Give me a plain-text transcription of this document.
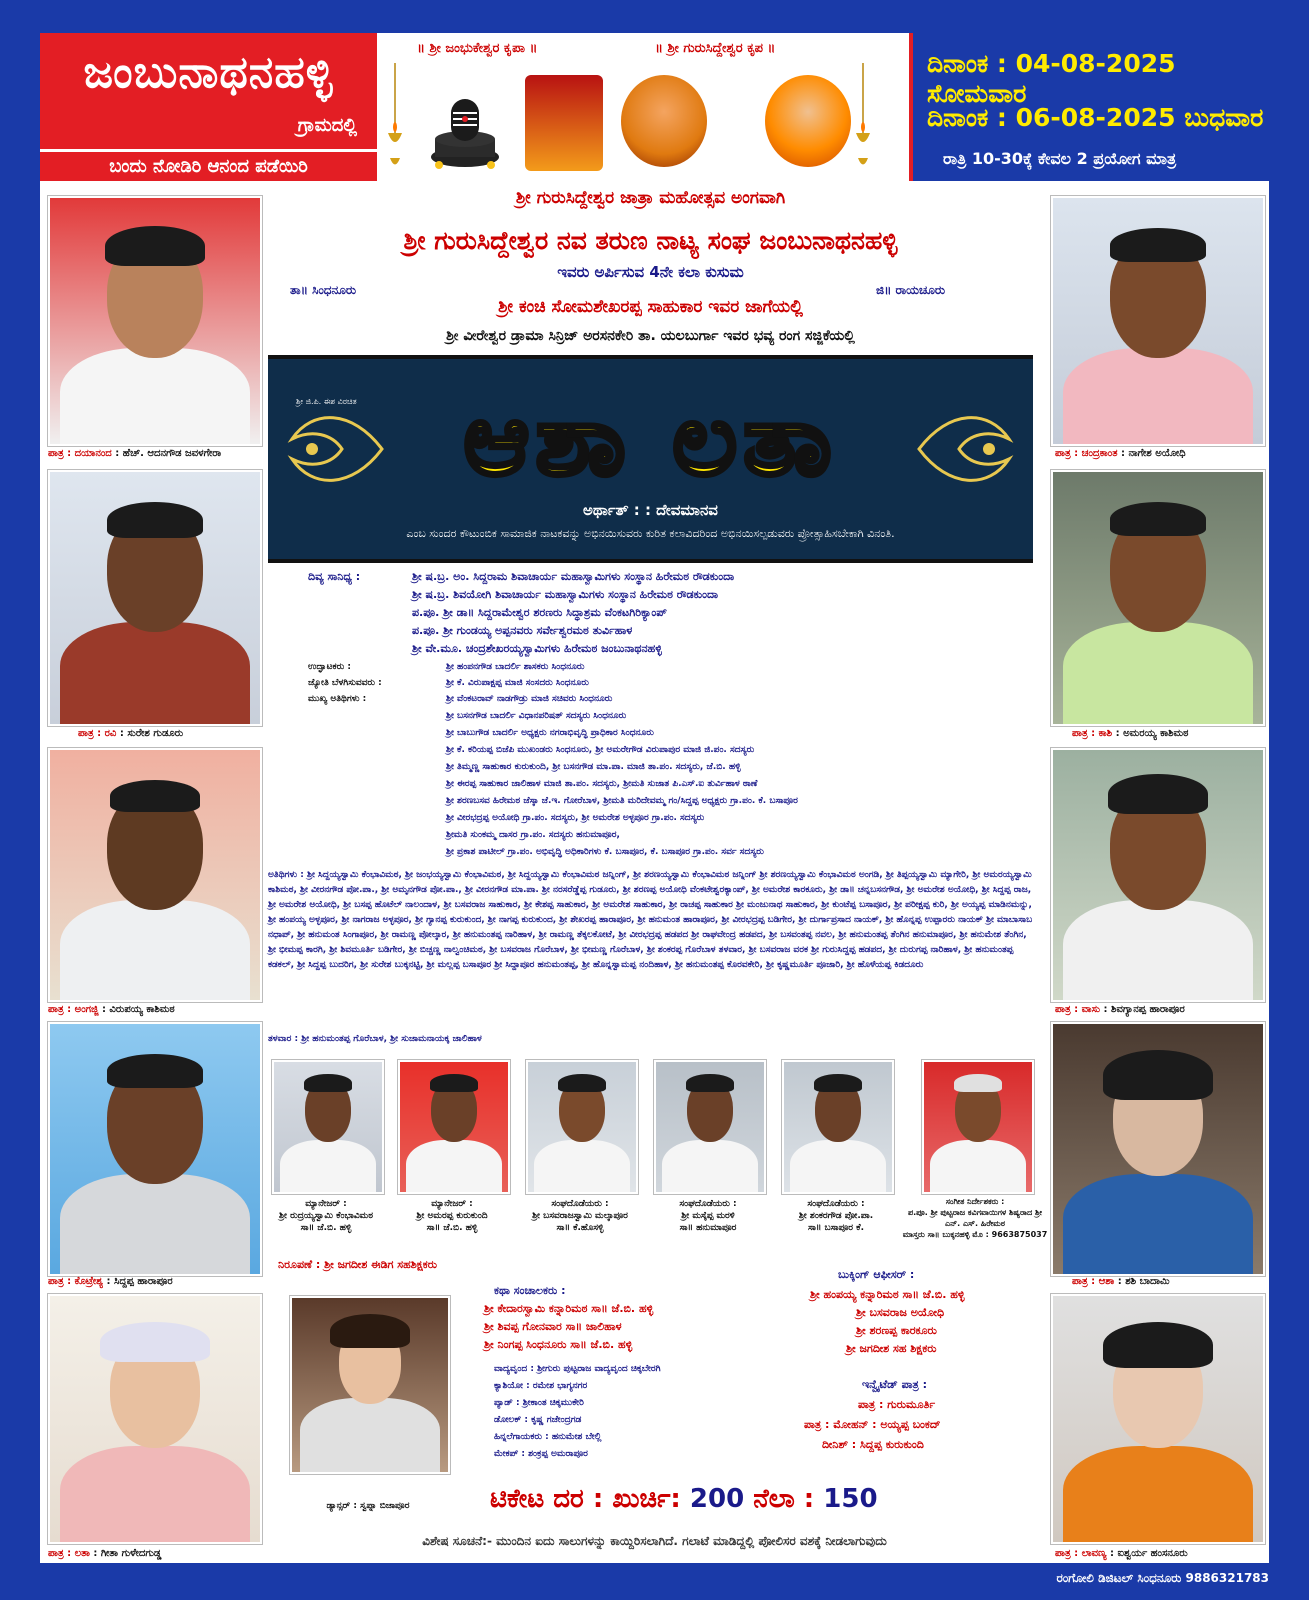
ಜಂಬುನಾಥನಹಳ್ಳಿ
ಗ್ರಾಮದಲ್ಲಿ
ಬಂದು ನೋಡಿರಿ ಆನಂದ ಪಡೆಯಿರಿ
॥ ಶ್ರೀ ಜಂಭುಕೇಶ್ವರ ಕೃಪಾ ॥	॥ ಶ್ರೀ ಗುರುಸಿದ್ದೇಶ್ವರ ಕೃಪ ॥
ದಿನಾಂಕ : 04-08-2025 ಸೋಮವಾರ
ದಿನಾಂಕ : 06-08-2025 ಬುಧವಾರ
ರಾತ್ರಿ 10-30ಕ್ಕೆ ಕೇವಲ 2 ಪ್ರಯೋಗ ಮಾತ್ರ
ಪಾತ್ರ : ದಯಾನಂದ : ಹೆಚ್. ಆದನಗೌಡ ಜವಳಗೇರಾ
ಪಾತ್ರ : ರವಿ : ಸುರೇಶ ಗುಡೂರು
ಪಾತ್ರ : ಅಂಗಜ್ಜಿ : ವಿರುಪಯ್ಯ ಕಾಶಿಮಠ
ಪಾತ್ರ : ಕೊಟ್ರೇಶ್ಯ : ಸಿದ್ದಪ್ಪ ಹಾರಾಪೂರ
ಪಾತ್ರ : ಲತಾ : ಗೀತಾ ಗುಳೇದಗುಡ್ಡ
ಪಾತ್ರ : ಚಂದ್ರಕಾಂತ : ನಾಗೇಶ ಅಯೋಧಿ
ಪಾತ್ರ : ಕಾಶಿ : ಅಮರಯ್ಯ ಕಾಶಿಮಠ
ಪಾತ್ರ : ವಾಸು : ಶಿವಗ್ಯಾನಪ್ಪ ಹಾರಾಪೂರ
ಪಾತ್ರ : ಆಶಾ : ಶಶಿ ಬಾದಾಮಿ
ಪಾತ್ರ : ಲಾವಣ್ಯ : ಐಶ್ವರ್ಯ ಹಂಸನೂರು
ಶ್ರೀ ಗುರುಸಿದ್ದೇಶ್ವರ ಜಾತ್ರಾ ಮಹೋತ್ಸವ ಅಂಗವಾಗಿ
ಶ್ರೀ ಗುರುಸಿದ್ದೇಶ್ವರ ನವ ತರುಣ ನಾಟ್ಯ ಸಂಘ ಜಂಬುನಾಥನಹಳ್ಳಿ
ಇವರು ಅರ್ಪಿಸುವ 4ನೇ ಕಲಾ ಕುಸುಮ
ತಾ॥ ಸಿಂಧನೂರು	ಜಿ॥ ರಾಯಚೂರು
ಶ್ರೀ ಕಂಚಿ ಸೋಮಶೇಖರಪ್ಪ ಸಾಹುಕಾರ ಇವರ ಜಾಗೆಯಲ್ಲಿ
ಶ್ರೀ ವೀರೇಶ್ವರ ಡ್ರಾಮಾ ಸಿನ್ರಿಜ್ ಅರಸನಕೇರಿ ತಾ. ಯಲಬುರ್ಗಾ ಇವರ ಭವ್ಯ ರಂಗ ಸಜ್ಜಿಕೆಯಲ್ಲಿ
ಶ್ರೀ ಜಿ.ಪಿ. ಈಶ ವಿರಚಿತ	ಆಶಾ ಲತಾ
ಅರ್ಥಾತ್ : : ದೇವಮಾನವ
ಎಂಬ ಸುಂದರ ಕೌಟುಂಬಿಕ ಸಾಮಾಜಿಕ ನಾಟಕವನ್ನು ಅಭಿನಯಿಸುವರು ಕುರಿತ ಕಲಾವಿದರಿಂದ ಅಭಿನಯಿಸಲ್ಪಡುವರು ಪ್ರೋತ್ಸಾಹಿಸಬೇಕಾಗಿ ವಿನಂತಿ.
ದಿವ್ಯ ಸಾನಿಧ್ಯ :	ಶ್ರೀ ಷ.ಬ್ರ. ಅಂ. ಸಿದ್ದರಾಮ ಶಿವಾಚಾರ್ಯ ಮಹಾಸ್ವಾಮಿಗಳು ಸಂಸ್ಥಾನ ಹಿರೇಮಠ ರೌಡಕುಂದಾ
ಶ್ರೀ ಷ.ಬ್ರ. ಶಿವಯೋಗಿ ಶಿವಾಚಾರ್ಯ ಮಹಾಸ್ವಾಮಿಗಳು ಸಂಸ್ಥಾನ ಹಿರೇಮಠ ರೌಡಕುಂದಾ
ಪ.ಪೂ. ಶ್ರೀ ಡಾ॥ ಸಿದ್ದರಾಮೇಶ್ವರ ಶರಣರು ಸಿದ್ಧಾಶ್ರಮ ವೆಂಕಟಗಿರಿಕ್ಯಾಂಪ್
ಪ.ಪೂ. ಶ್ರೀ ಗುಂಡಯ್ಯ ಅಪ್ಪನವರು ಸರ್ವೇಶ್ವರಮಠ ತುರ್ವಿಹಾಳ
ಶ್ರೀ ವೇ.ಮೂ. ಚಂದ್ರಶೇಖರಯ್ಯಸ್ವಾಮಿಗಳು ಹಿರೇಮಠ ಜಂಬುನಾಥನಹಳ್ಳಿ
ಉದ್ಘಾಟಕರು :	ಶ್ರೀ ಹಂಪನಗೌಡ ಬಾದರ್ಲಿ ಶಾಸಕರು ಸಿಂಧನೂರು
ಜ್ಯೋತಿ ಬೆಳಗಿಸುವವರು :	ಶ್ರೀ ಕೆ. ವಿರುಪಾಕ್ಷಪ್ಪ ಮಾಜಿ ಸಂಸದರು ಸಿಂಧನೂರು
ಮುಖ್ಯ ಅತಿಥಿಗಳು :	ಶ್ರೀ ವೆಂಕಟರಾವ್ ನಾಡಗೌಡ್ರು ಮಾಜಿ ಸಚಿವರು ಸಿಂಧನೂರು
ಶ್ರೀ ಬಸನಗೌಡ ಬಾದರ್ಲಿ ವಿಧಾನಪರಿಷತ್ ಸದಸ್ಯರು ಸಿಂಧನೂರು
ಶ್ರೀ ಬಾಬುಗೌಡ ಬಾದರ್ಲಿ ಅಧ್ಯಕ್ಷರು ನಗರಾಭಿವೃದ್ಧಿ ಪ್ರಾಧಿಕಾರ ಸಿಂಧನೂರು
ಶ್ರೀ ಕೆ. ಕರಿಯಪ್ಪ ಬಿಜೆಪಿ ಮುಖಂಡರು ಸಿಂಧನೂರು, ಶ್ರೀ ಅಮರೇಗೌಡ ವಿರುಪಾಪುರ ಮಾಜಿ ಜಿ.ಪಂ. ಸದಸ್ಯರು
ಶ್ರೀ ತಿಮ್ಮಣ್ಣ ಸಾಹುಕಾರ ಕುರುಕುಂದಿ, ಶ್ರೀ ಬಸನಗೌಡ ಮಾ.ಪಾ. ಮಾಜಿ ತಾ.ಪಂ. ಸದಸ್ಯರು, ಜೆ.ಬಿ. ಹಳ್ಳಿ
ಶ್ರೀ ಈರಪ್ಪ ಸಾಹುಕಾರ ಜಾಲಿಹಾಳ ಮಾಜಿ ತಾ.ಪಂ. ಸದಸ್ಯರು, ಶ್ರೀಮತಿ ಸುಜಾತ ಪಿ.ಎಸ್.ಐ ತುರ್ವಿಹಾಳ ಠಾಣೆ
ಶ್ರೀ ಶರಣಬಸವ ಹಿರೇಮಠ ಜೆಸ್ಕಾ ಜೆ.ಇ. ಗೋರೆಬಾಳ, ಶ್ರೀಮತಿ ಮರಿದೇವಮ್ಮ ಗಂ/ಸಿದ್ದಪ್ಪ ಅಧ್ಯಕ್ಷರು ಗ್ರಾ.ಪಂ. ಕೆ. ಬಸಾಪೂರ
ಶ್ರೀ ವೀರಭದ್ರಪ್ಪ ಅಯೋಧಿ ಗ್ರಾ.ಪಂ. ಸದಸ್ಯರು, ಶ್ರೀ ಅಮರೇಶ ಅಳ್ಳಪೂರ ಗ್ರಾ.ಪಂ. ಸದಸ್ಯರು
ಶ್ರೀಮತಿ ಸುಂಕಮ್ಮ ದಾಸರ ಗ್ರಾ.ಪಂ. ಸದಸ್ಯರು ಹನುಮಾಪೂರ,
ಶ್ರೀ ಪ್ರಕಾಶ ಪಾಟೀಲ್ ಗ್ರಾ.ಪಂ. ಅಭಿವೃದ್ಧಿ ಅಧಿಕಾರಿಗಳು ಕೆ. ಬಸಾಪೂರ, ಕೆ. ಬಸಾಪೂರ ಗ್ರಾ.ಪಂ. ಸರ್ವ ಸದಸ್ಯರು
ಅತಿಥಿಗಳು : ಶ್ರೀ ಸಿದ್ದಯ್ಯಸ್ವಾಮಿ ಕೆಂಭಾವಿಮಠ, ಶ್ರೀ ಜಂಭಯ್ಯಸ್ವಾಮಿ ಕೆಂಭಾವಿಮಠ, ಶ್ರೀ ಸಿದ್ದಯ್ಯಸ್ವಾಮಿ ಕೆಂಭಾವಿಮಠ ಜನ್ನಿಂಗ್, ಶ್ರೀ ಶರಣಯ್ಯಸ್ವಾಮಿ ಕೆಂಭಾವಿಮಠ ಜನ್ನಿಂಗ್ ಶ್ರೀ ಶರಣಯ್ಯಸ್ವಾಮಿ ಕೆಂಭಾವಿಮಠ ಅಂಗಡಿ, ಶ್ರೀ ತಿಪ್ಪಯ್ಯಸ್ವಾಮಿ ಮ್ಯಾಗೇರಿ, ಶ್ರೀ ಅಮರಯ್ಯಸ್ವಾಮಿ ಕಾಶಿಮಠ, ಶ್ರೀ ವೀರನಗೌಡ ಪೋ.ಪಾ., ಶ್ರೀ ಅಮೃನಗೌಡ ಪೋ.ಪಾ., ಶ್ರೀ ವೀರನಗೌಡ ಮಾ.ಪಾ. ಶ್ರೀ ನರಸರೆಡ್ಡೆಪ್ಪ ಗುಡೂರು, ಶ್ರೀ ಶರಣಪ್ಪ ಅಯೋಧಿ ವೆಂಕಟೇಶ್ವರಕ್ಯಾಂಪ್, ಶ್ರೀ ಅಮರೇಶ ಕಾರಕೂರು, ಶ್ರೀ ಡಾ॥ ಚನ್ನಬಸನಗೌಡ, ಶ್ರೀ ಅಮರೇಶ ಅಯೋಧಿ, ಶ್ರೀ ಸಿದ್ದಪ್ಪ ರಾಜ, ಶ್ರೀ ಅಮರೇಶ ಅಯೋಧಿ, ಶ್ರೀ ಬಸಪ್ಪ ಹೊಟೆಲ್ ನಾಲಂದಾಳ, ಶ್ರೀ ಬಸವರಾಜ ಸಾಹುಕಾರ, ಶ್ರೀ ಕೇಶಪ್ಪ ಸಾಹುಕಾರ, ಶ್ರೀ ಅಮರೇಶ ಸಾಹುಕಾರ, ಶ್ರೀ ರಾಚಪ್ಪ ಸಾಹುಕಾರ ಶ್ರೀ ಮಂಜುನಾಥ ಸಾಹುಕಾರ, ಶ್ರೀ ಕುಂಟೆಪ್ಪ ಬಸಾಪೂರ, ಶ್ರೀ ಪರೀಕ್ಷಪ್ಪ ಕುರಿ, ಶ್ರೀ ಅಯ್ಯಪ್ಪ ಮಾಡಿನಮನ್ನು, ಶ್ರೀ ಹಂಪಯ್ಯ ಅಳ್ಳಪೂರ, ಶ್ರೀ ನಾಗರಾಜ ಅಳ್ಳಪೂರ, ಶ್ರೀ ಗ್ಯಾನಪ್ಪ ಕುರುಕುಂದ, ಶ್ರೀ ನಾಗಪ್ಪ ಕುರುಕುಂದ, ಶ್ರೀ ಶೇಖರಪ್ಪ ಹಾರಾಪೂರ, ಶ್ರೀ ಹನುಮಂತ ಹಾರಾಪೂರ, ಶ್ರೀ ವೀರಭದ್ರಪ್ಪ ಬಡಿಗೇರ, ಶ್ರೀ ದುರ್ಗಾಪ್ರಸಾದ ನಾಯಕ್, ಶ್ರೀ ಹೊನ್ನಪ್ಪ ಉಪ್ಪಾರರು ನಾಯಕ್ ಶ್ರೀ ಮಾಬಾಸಾಬ ನಧಾಪ್, ಶ್ರೀ ಹನುಮಂತ ಸಿಂಗಾಪೂರ, ಶ್ರೀ ರಾಮಣ್ಣ ಪೋಲ್ಕಾರ, ಶ್ರೀ ಹನುಮಂತಪ್ಪ ನಾರಿಹಾಳ, ಶ್ರೀ ರಾಮಣ್ಣ ತೆಕ್ಕಲಕೋಟೆ, ಶ್ರೀ ವೀರಭದ್ರಪ್ಪ ಹಡಪದ ಶ್ರೀ ರಾಘವೇಂದ್ರ ಹಡಪದ, ಶ್ರೀ ಬಸವಂತಪ್ಪ ನವಲ, ಶ್ರೀ ಹನುಮಂತಪ್ಪ ತೆಂಗಿನ ಹನುಮಾಪೂರ, ಶ್ರೀ ಹನುಮೇಶ ತೆಂಗಿನ, ಶ್ರೀ ಭೀಮಪ್ಪ ಕಾರಗಿ, ಶ್ರೀ ಶಿವಮೂರ್ತಿ ಬಡಿಗೇರ, ಶ್ರೀ ಬಿಚ್ಚಣ್ಣ ನಾಲ್ವಂಚಿಮಠ, ಶ್ರೀ ಬಸವರಾಜ ಗೊರೆಬಾಳ, ಶ್ರೀ ಭೀಮಣ್ಣ ಗೊರೆಬಾಳ, ಶ್ರೀ ಶಂಕರಪ್ಪ ಗೊರೆಬಾಳ ತಳವಾರ, ಶ್ರೀ ಬಸವರಾಜ ವರಕ ಶ್ರೀ ಗುರುಸಿದ್ದಪ್ಪ ಹಡಪದ, ಶ್ರೀ ದುರುಗಪ್ಪ ನಾರಿಹಾಳ, ಶ್ರೀ ಹನುಮಂತಪ್ಪ ಕಡಕಲ್, ಶ್ರೀ ಸಿದ್ದಪ್ಪ ಬುದರಿಗ, ಶ್ರೀ ಸುರೇಶ ಬುಕ್ಕನಟ್ಟಿ, ಶ್ರೀ ಮಲ್ಲಪ್ಪ ಬಸಾಪೂರ ಶ್ರೀ ಸಿದ್ದಾಪೂರ ಹನುಮಂತಪ್ಪ, ಶ್ರೀ ಹೊನ್ನಸ್ವಾಮಪ್ಪ ನಂದಿಹಾಳ, ಶ್ರೀ ಹನುಮಂತಪ್ಪ ಕೊರವಕೇರಿ, ಶ್ರೀ ಕೃಷ್ಣಮೂರ್ತಿ ಪೂಜಾರಿ, ಶ್ರೀ ಹೊಳೆಯಪ್ಪ ಕಿಡದೂರು
ತಳವಾರ : ಶ್ರೀ ಹನುಮಂತಪ್ಪ ಗೊರೆಬಾಳ, ಶ್ರೀ ಸುಜಾಮನಾಯಕ್ಕ ಜಾಲಿಹಾಳ
ಮ್ಯಾನೇಜರ್ :
ಶ್ರೀ ರುದ್ರಯ್ಯಸ್ವಾಮಿ ಕೆಂಭಾವಿಮಠ
ಸಾ॥ ಜೆ.ಬಿ. ಹಳ್ಳಿ
ಮ್ಯಾನೇಜರ್ :
ಶ್ರೀ ಅಮರಪ್ಪ ಕುರುಕುಂದಿ
ಸಾ॥ ಜೆ.ಬಿ. ಹಳ್ಳಿ
ಸಂಘದೊಡೆಯರು :
ಶ್ರೀ ಬಸವರಾಜಸ್ವಾಮಿ ಮಲ್ಕಾಪೂರ
ಸಾ॥ ಕೆ.ಹೊಸಳ್ಳಿ
ಸಂಘದೊಡೆಯರು :
ಶ್ರೀ ಮಸ್ಕೆಪ್ಪ ಮರಳಿ
ಸಾ॥ ಹನುಮಾಪೂರ
ಸಂಘದೊಡೆಯರು :
ಶ್ರೀ ಶಂಕರಗೌಡ ಪೋ.ಪಾ.
ಸಾ॥ ಬಸಾಪೂರ ಕೆ.
ಸಂಗೀತ ನಿರ್ದೇಶಕರು :
ಪ.ಪೂ. ಶ್ರೀ ಪುಟ್ಟರಾಜ ಕವಿಗವಾಯಿಗಳ ಶಿಷ್ಯರಾದ ಶ್ರೀ ಎನ್. ಎಸ್. ಹಿರೇಮಠ
ಮಾಸ್ತರು ಸಾ॥ ಬುಕ್ಕನಹಳ್ಳಿ ಮೊ : 9663875037
ನಿರೂಪಣೆ : ಶ್ರೀ ಜಗದೀಶ ಈಡಿಗ ಸಹಶಿಕ್ಷಕರು
ಡ್ಯಾನ್ಸರ್ : ಸ್ವಪ್ನಾ ಬಿಜಾಪೂರ
ಕಥಾ ಸಂಚಾಲಕರು :
ಶ್ರೀ ಕೇದಾರಸ್ವಾಮಿ ಕನ್ನಾರಿಮಠ ಸಾ॥ ಜೆ.ಬಿ. ಹಳ್ಳಿ
ಶ್ರೀ ಶಿವಪ್ಪ ಗೋನವಾರ ಸಾ॥ ಜಾಲಿಹಾಳ
ಶ್ರೀ ನಿಂಗಪ್ಪ ಸಿಂಧನೂರು ಸಾ॥ ಜೆ.ಬಿ. ಹಳ್ಳಿ
ವಾದ್ಯವೃಂದ : ಶ್ರೀಗುರು ಪುಟ್ಟರಾಜ ವಾದ್ಯವೃಂದ ಚಿಕ್ಕಬೇರಗಿ
ಕ್ಯಾಶಿಯೋ : ರಮೇಶ ಭಾಗ್ಯನಗರ
ಪ್ಯಾಡ್ : ಶ್ರೀಕಾಂತ ಚಿಕ್ಕಮುಕೇರಿ
ಡೋಲಕ್ : ಕೃಷ್ಣ ಗಜೇಂದ್ರಗಡ
ಹಿನ್ನಲೆಗಾಯಕರು : ಹನುಮೇಶ ಬೇಲ್ಲಿ
ಮೇಕಪ್ : ಶಂಕ್ರಪ್ಪ ಅಮರಾಪೂರ
ಬುಕ್ಕಿಂಗ್ ಆಫೀಸರ್ :
ಶ್ರೀ ಹಂಪಯ್ಯ ಕನ್ನಾರಿಮಠ ಸಾ॥ ಜೆ.ಬಿ. ಹಳ್ಳಿ
ಶ್ರೀ ಬಸವರಾಜ ಅಯೋಧಿ
ಶ್ರೀ ಶರಣಪ್ಪ ಕಾರಕೂರು
ಶ್ರೀ ಜಗದೀಶ ಸಹ ಶಿಕ್ಷಕರು
ಇನ್ವೈಟೆಡ್ ಪಾತ್ರ :
ಪಾತ್ರ : ಗುರುಮೂರ್ತಿ
ಪಾತ್ರ : ಮೋಹನ್ : ಅಯ್ಯಪ್ಪ ಬಂಕದ್
ದೀನಿಶ್ : ಸಿದ್ದಪ್ಪ ಕುರುಕುಂದಿ
ಟಿಕೇಟ ದರ : ಖುರ್ಚಿ: 200 ನೆಲಾ : 150
ವಿಶೇಷ ಸೂಚನೆ:- ಮುಂದಿನ ಐದು ಸಾಲುಗಳನ್ನು ಕಾಯ್ದಿರಿಸಲಾಗಿದೆ. ಗಲಾಟೆ ಮಾಡಿದ್ದಲ್ಲಿ ಪೋಲಿಸರ ವಶಕ್ಕೆ ನೀಡಲಾಗುವುದು
ರಂಗೋಲಿ ಡಿಜಿಟಲ್ ಸಿಂಧನೂರು 9886321783
